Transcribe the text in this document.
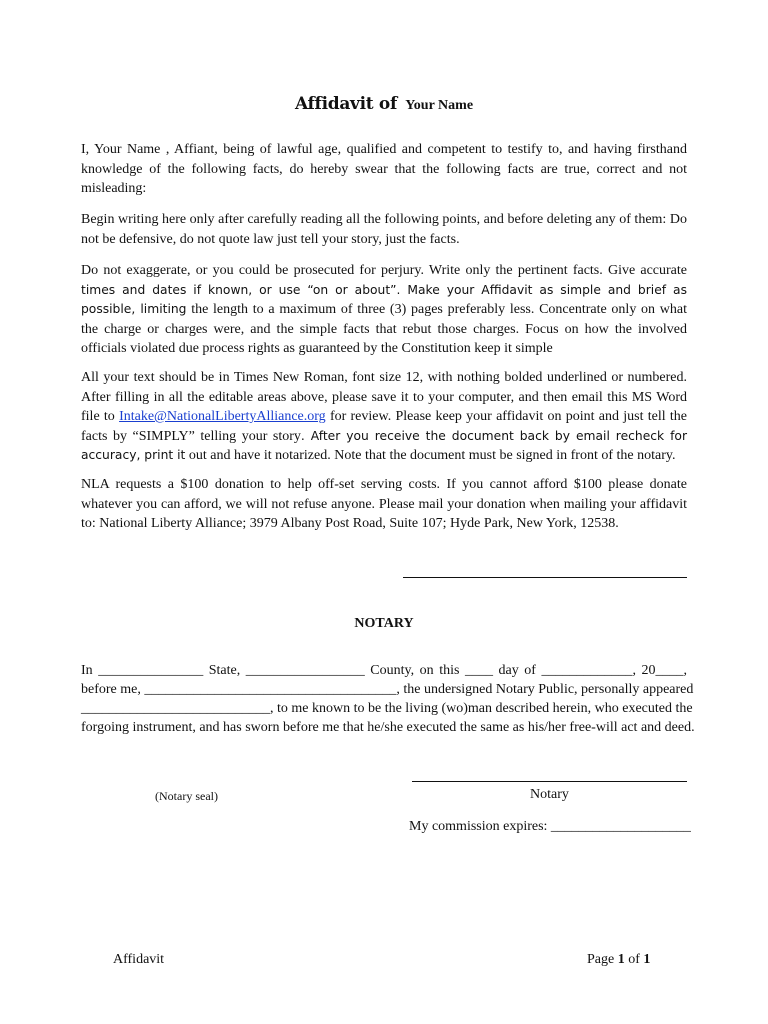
Affidavit of Your Name

I, Your Name , Affiant, being of lawful age, qualified and competent to testify to, and having firsthand knowledge of the following facts, do hereby swear that the following facts are true, correct and not misleading:

Begin writing here only after carefully reading all the following points, and before deleting any of them: Do not be defensive, do not quote law just tell your story, just the facts.

Do not exaggerate, or you could be prosecuted for perjury. Write only the pertinent facts. Give accurate times and dates if known, or use “on or about”. Make your Affidavit as simple and brief as possible, limiting the length to a maximum of three (3) pages preferably less. Concentrate only on what the charge or charges were, and the simple facts that rebut those charges. Focus on how the involved officials violated due process rights as guaranteed by the Constitution keep it simple

All your text should be in Times New Roman, font size 12, with nothing bolded underlined or numbered. After filling in all the editable areas above, please save it to your computer, and then email this MS Word file to Intake@NationalLibertyAlliance.org for review. Please keep your affidavit on point and just tell the facts by “SIMPLY” telling your story. After you receive the document back by email recheck for accuracy, print it out and have it notarized. Note that the document must be signed in front of the notary.

NLA requests a $100 donation to help off-set serving costs. If you cannot afford $100 please donate whatever you can afford, we will not refuse anyone. Please mail your donation when mailing your affidavit to: National Liberty Alliance; 3979 Albany Post Road, Suite 107; Hyde Park, New York, 12538.

NOTARY
In _______________ State, _________________ County, on this ____ day of _____________, 20____,
before me, ____________________________________, the undersigned Notary Public, personally appeared
___________________________, to me known to be the living (wo)man described herein, who executed the
forgoing instrument, and has sworn before me that he/she executed the same as his/her free-will act and deed.
(Notary seal)	Notary
My commission expires: ____________________
Affidavit	Page 1 of 1
